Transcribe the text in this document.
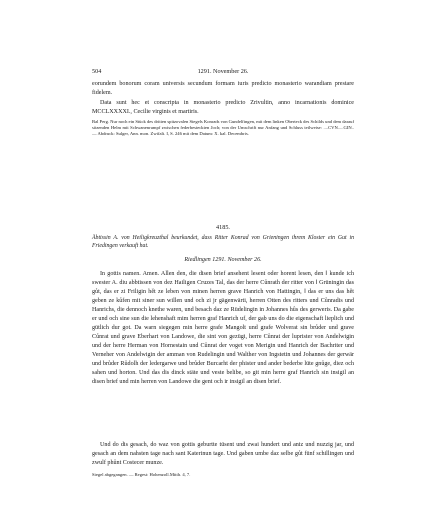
504	1291. November 26.
eorundem bonorum coram universis secundum formam iuris predicto monasterio warandiam prestare fidelem.
Data sunt hec et conscripta in monasterio predicto Zrivultin, anno incarnationis dominice MCCLXXXXI., Cecilie virginis et martiris.
Bal Perg. Nur noch ein Stück des dritten spitzovalen Siegels Konrads von Gundelfingen, mit dem linken Oberteck des Schilds und dem darauf sitzenden Helm mit Schwanenrumpf zwischen federbesteckten Joch; von der Umschrift nur Anfang und Schluss teilweise: ....CVN.....GIN.. — Abdruck: Sulger, Ann. mon. Zwifalt. I, S. 246 mit dem Datum: X. kal. Decembris.
4185.
Äbtissin A. von Heiligkreuzthal beurkundet, dass Ritter Konrad von Grieningen ihrem Kloster ein Gut in Friedingen verkauft hat.
Riedlingen 1291. November 26.
In gottis namen. Amen. Allen den, die disen brief ansehent lesent oder horent lesen, den ‖ kunde ich swester A. diu abbtissen von dez Hailigen Cruzes Tal, das der herre Cůnrath der ritter von ‖ Grüningin das gůt, das er zi Friligin hět ze leben von minen herren grave Hanrich von Hattingin, ‖ das er uns das hět geben ze kůfen mit siner sun willen und och zi jr gägenwärti, herren Otten des ritters und Cůnradis und Hanrichs, die dennoch knethe waren, und besach daz ze Rüdelingin in Johannes hûs des gerweris. Da gabe er und och sine sun die lehenshaft mim herren graf Hanrich uf, der gab uns do die eigenschaft lieplich und gütlich dur got. Da warn siegegen min herre grafe Mangolt und grafe Wolverat sin brůder und grave Cůnrat und grave Eberhart von Landowe, die sint von gezügi, herre Cůnrat der luprister von Andelwigin und der herre Herman von Hornestain und Cůnrat der voget von Merigin und Hanrich der Bachriter und Verneher von Andelwigin der amman von Rudelingin und Walther von Ingstetin und Johannes der gerwär und brůder Růdolh der ledergarwe und brůder Burcarht der phister und ander bederbe lüte gnůge, diez och sahen und horton. Und das dis dinck stäte und veste belibe, so git min herre graf Hanrich sin insigil an disen brief und min herren von Landowe die gent och ir insigil an disen brief.
Und do dis gesach, do waz von gottis geburtte tüsent und zwai hundert und aniz und nuzzig jar, und gesach an dem nahsten tage nach sant Katerinun tage. Und gaben umbe daz selbe gůt fünf schillingen und zwulf phůnt Costecer munze.
Siegel abgegangen. — Regest: Hohenzoll.Mitth. 4, 7.
